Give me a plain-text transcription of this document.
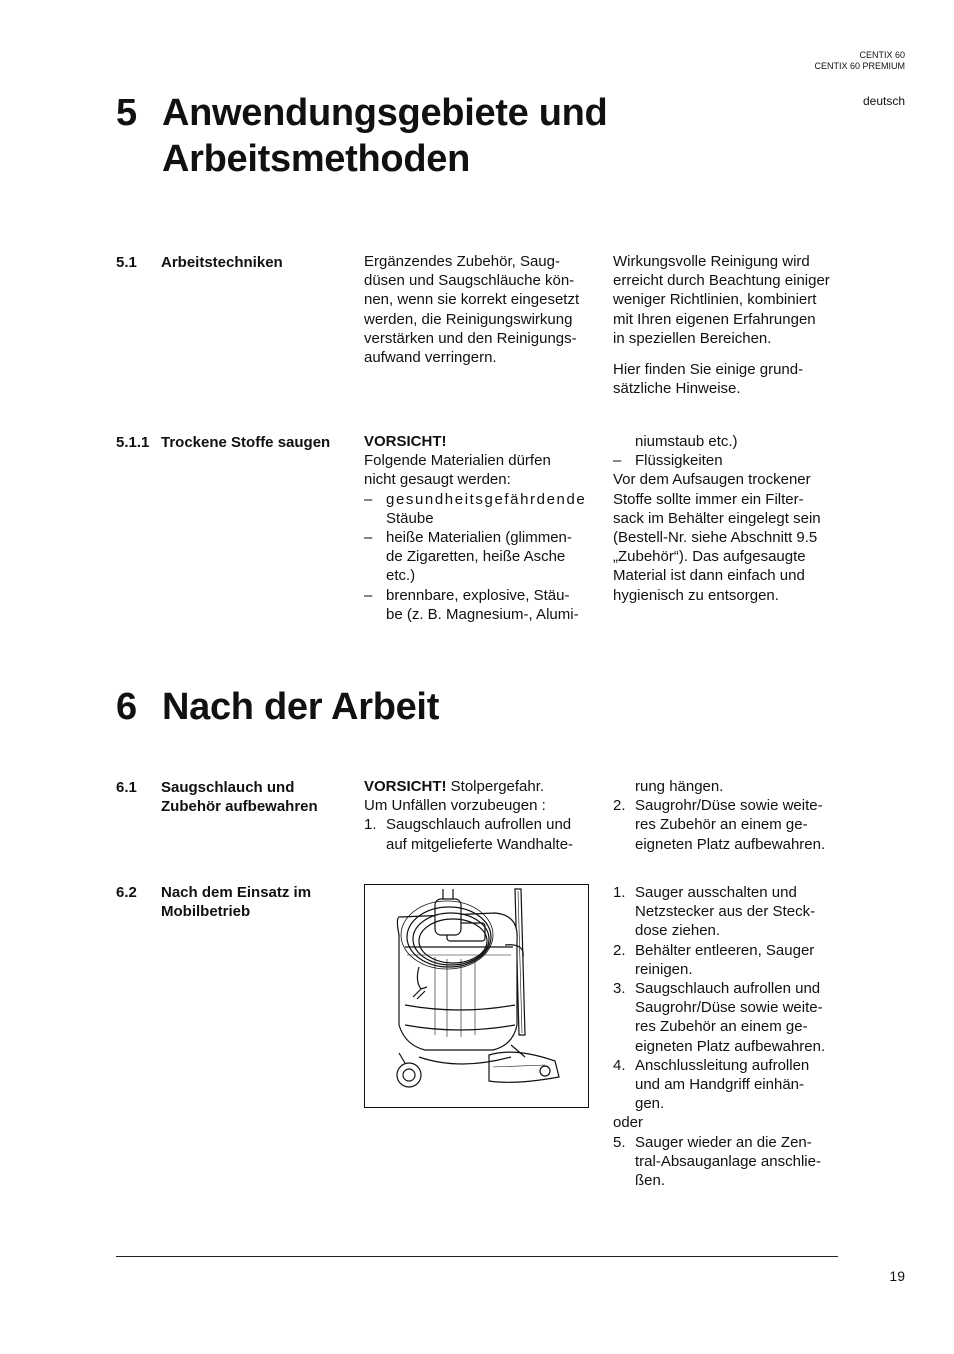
CENTIX 60
CENTIX 60 PREMIUM
deutsch
5 Anwendungsgebiete und
Arbeitsmethoden
5.1 Arbeitstechniken	Ergänzendes Zubehör, Saug-

düsen und Saugschläuche kön-

nen, wenn sie korrekt eingesetzt

werden, die Reinigungswirkung

verstärken und den Reinigungs-

aufwand verringern.

Wirkungsvolle Reinigung wird

erreicht durch Beachtung einiger

weniger Richtlinien, kombiniert

mit Ihren eigenen Erfahrungen

in speziellen Bereichen.

Hier finden Sie einige grund-

sätzliche Hinweise.

5.1.1 Trockene Stoffe saugen VORSICHT!

Folgende Materialien dürfen

nicht gesaugt werden:

– gesundheitsgefährdende

Stäube

– heiße Materialien (glimmen-

de Zigaretten, heiße Asche

etc.)

– brennbare, explosive, Stäu-

be (z. B. Magnesium-, Alumi-

niumstaub etc.)

– Flüssigkeiten

Vor dem Aufsaugen trockener

Stoffe sollte immer ein Filter-

sack im Behälter eingelegt sein

(Bestell-Nr. siehe Abschnitt 9.5

„Zubehör“). Das aufgesaugte

Material ist dann einfach und

hygienisch zu entsorgen.

6 Nach der Arbeit
6.1 Saugschlauch und
Zubehör aufbewahren

VORSICHT! Stolpergefahr.

Um Unfällen vorzubeugen :

1. Saugschlauch aufrollen und

auf mitgelieferte Wandhalte-

rung hängen.

2. Saugrohr/Düse sowie weite-

res Zubehör an einem ge-

eigneten Platz aufbewahren.

6.2 Nach dem Einsatz im
Mobilbetrieb
1. Sauger ausschalten und

Netzstecker aus der Steck-

dose ziehen.

2. Behälter entleeren, Sauger

reinigen.

3. Saugschlauch aufrollen und

Saugrohr/Düse sowie weite-

res Zubehör an einem ge-

eigneten Platz aufbewahren.

4. Anschlussleitung aufrollen

und am Handgriff einhän-

gen.

oder

5. Sauger wieder an die Zen-

tral-Absauganlage anschlie-

ßen.

19
